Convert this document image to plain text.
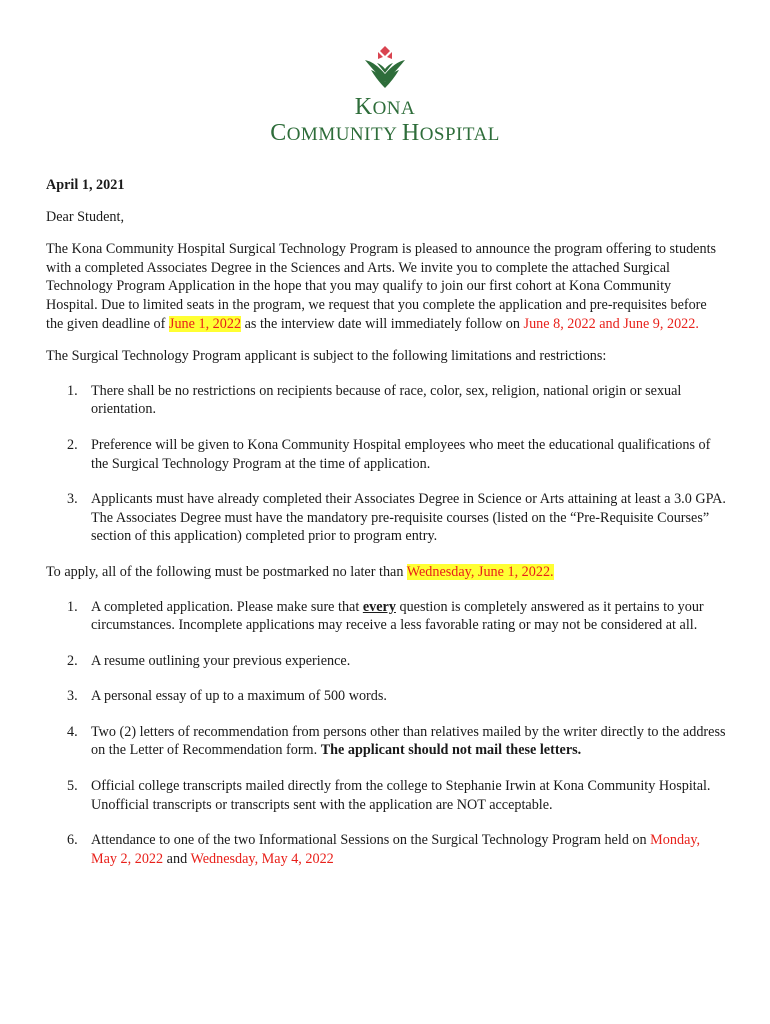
KONA
COMMUNITY HOSPITAL

April 1, 2021

Dear Student,

The Kona Community Hospital Surgical Technology Program is pleased to announce the program offering to students with a completed Associates Degree in the Sciences and Arts. We invite you to complete the attached Surgical Technology Program Application in the hope that you may qualify to join our first cohort at Kona Community Hospital. Due to limited seats in the program, we request that you complete the application and pre-requisites before the given deadline of June 1, 2022 as the interview date will immediately follow on June 8, 2022 and June 9, 2022.

The Surgical Technology Program applicant is subject to the following limitations and restrictions:

1. There shall be no restrictions on recipients because of race, color, sex, religion, national origin or sexual orientation.
2. Preference will be given to Kona Community Hospital employees who meet the educational qualifications of the Surgical Technology Program at the time of application.
3. Applicants must have already completed their Associates Degree in Science or Arts attaining at least a 3.0 GPA. The Associates Degree must have the mandatory pre-requisite courses (listed on the “Pre-Requisite Courses” section of this application) completed prior to program entry.

To apply, all of the following must be postmarked no later than Wednesday, June 1, 2022.

1. A completed application. Please make sure that every question is completely answered as it pertains to your circumstances. Incomplete applications may receive a less favorable rating or may not be considered at all.
2. A resume outlining your previous experience.
3. A personal essay of up to a maximum of 500 words.
4. Two (2) letters of recommendation from persons other than relatives mailed by the writer directly to the address on the Letter of Recommendation form. The applicant should not mail these letters.
5. Official college transcripts mailed directly from the college to Stephanie Irwin at Kona Community Hospital. Unofficial transcripts or transcripts sent with the application are NOT acceptable.
6. Attendance to one of the two Informational Sessions on the Surgical Technology Program held on Monday, May 2, 2022 and Wednesday, May 4, 2022
